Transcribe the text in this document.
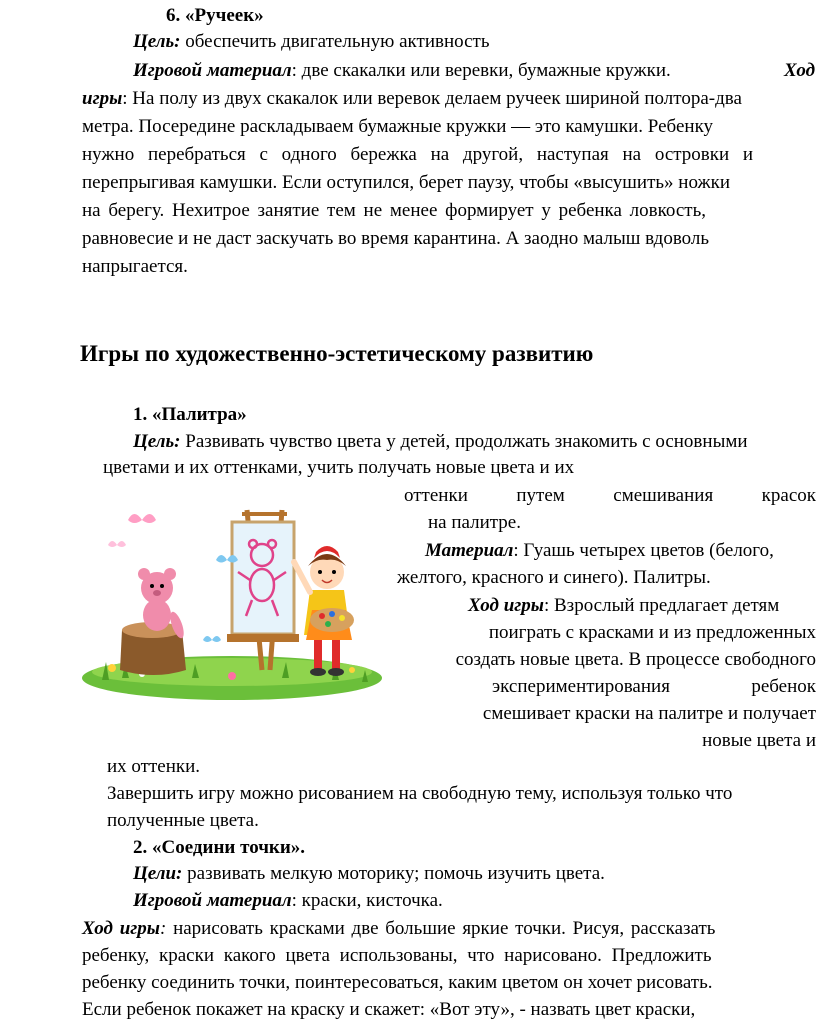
6. «Ручеек»
Цель: обеспечить двигательную активность
Игровой материал: две скакалки или веревки, бумажные кружки.	Ход
игры: На полу из двух скакалок или веревок делаем ручеек шириной полтора-два
метра. Посередине раскладываем бумажные кружки — это камушки. Ребенку
нужно перебраться с одного бережка на другой, наступая на островки и
перепрыгивая камушки. Если оступился, берет паузу, чтобы «высушить» ножки
на берегу. Нехитрое занятие тем не менее формирует у ребенка ловкость,
равновесие и не даст заскучать во время карантина. А заодно малыш вдоволь
напрыгается.
Игры по художественно-эстетическому развитию
1. «Палитра»
Цель: Развивать чувство цвета у детей, продолжать знакомить с основными
цветами и их оттенками, учить получать новые цвета и их
оттенки путем смешивания красок
на палитре.
Материал: Гуашь четырех цветов (белого,
желтого, красного и синего). Палитры.
Ход игры: Взрослый предлагает детям
поиграть с красками и из предложенных
создать новые цвета. В процессе свободного
экспериментирования ребенок
смешивает краски на палитре и получает
новые цвета и
их оттенки.
Завершить игру можно рисованием на свободную тему, используя только что
полученные цвета.
2. «Соедини точки».
Цели: развивать мелкую моторику; помочь изучить цвета.
Игровой материал: краски, кисточка.
Ход игры: нарисовать красками две большие яркие точки. Рисуя, рассказать
ребенку, краски какого цвета использованы, что нарисовано. Предложить
ребенку соединить точки, поинтересоваться, каким цветом он хочет рисовать.
Если ребенок покажет на краску и скажет: «Вот эту», - назвать цвет краски,
